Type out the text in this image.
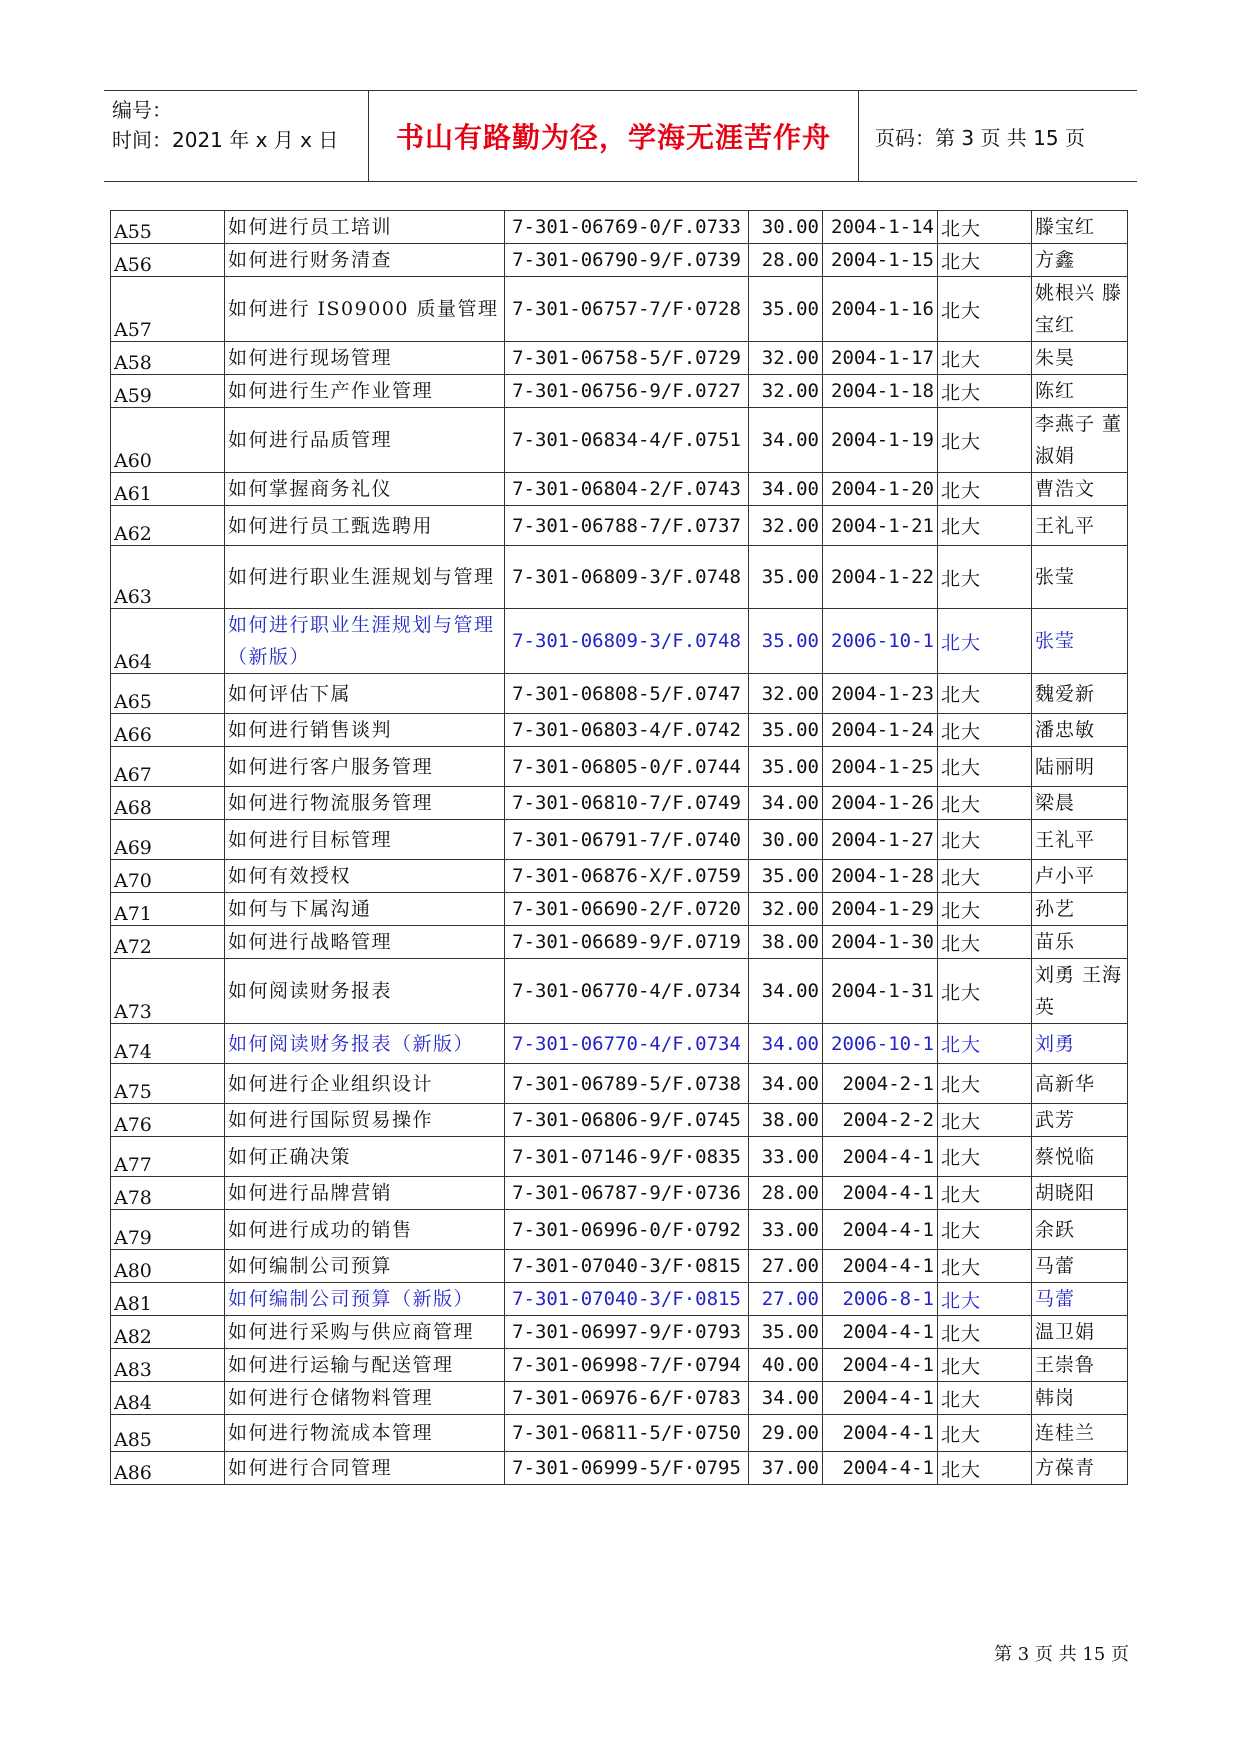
编号：
时间：2021 年 x 月 x 日	书山有路勤为径，学海无涯苦作舟 页码：第 3 页 共 15 页
A55	如何进行员工培训	7-301-06769-0/F.0733	30.00	2004-1-14	北大	滕宝红
A56	如何进行财务清查	7-301-06790-9/F.0739	28.00	2004-1-15	北大	方鑫
A57	如何进行 IS09000 质量管理	7-301-06757-7/F·0728	35.00	2004-1-16	北大	姚根兴 滕宝红
A58	如何进行现场管理	7-301-06758-5/F.0729	32.00	2004-1-17	北大	朱昊
A59	如何进行生产作业管理	7-301-06756-9/F.0727	32.00	2004-1-18	北大	陈红
A60	如何进行品质管理	7-301-06834-4/F.0751	34.00	2004-1-19	北大	李燕子 董淑娟
A61	如何掌握商务礼仪	7-301-06804-2/F.0743	34.00	2004-1-20	北大	曹浩文
A62	如何进行员工甄选聘用	7-301-06788-7/F.0737	32.00	2004-1-21	北大	王礼平
A63	如何进行职业生涯规划与管理	7-301-06809-3/F.0748	35.00	2004-1-22	北大	张莹
A64	如何进行职业生涯规划与管理（新版）	7-301-06809-3/F.0748	35.00	2006-10-1	北大	张莹
A65	如何评估下属	7-301-06808-5/F.0747	32.00	2004-1-23	北大	魏爱新
A66	如何进行销售谈判	7-301-06803-4/F.0742	35.00	2004-1-24	北大	潘忠敏
A67	如何进行客户服务管理	7-301-06805-0/F.0744	35.00	2004-1-25	北大	陆丽明
A68	如何进行物流服务管理	7-301-06810-7/F.0749	34.00	2004-1-26	北大	梁晨
A69	如何进行目标管理	7-301-06791-7/F.0740	30.00	2004-1-27	北大	王礼平
A70	如何有效授权	7-301-06876-X/F.0759	35.00	2004-1-28	北大	卢小平
A71	如何与下属沟通	7-301-06690-2/F.0720	32.00	2004-1-29	北大	孙艺
A72	如何进行战略管理	7-301-06689-9/F.0719	38.00	2004-1-30	北大	苗乐
A73	如何阅读财务报表	7-301-06770-4/F.0734	34.00	2004-1-31	北大	刘勇 王海英
A74	如何阅读财务报表（新版）	7-301-06770-4/F.0734	34.00	2006-10-1	北大	刘勇
A75	如何进行企业组织设计	7-301-06789-5/F.0738	34.00	2004-2-1	北大	高新华
A76	如何进行国际贸易操作	7-301-06806-9/F.0745	38.00	2004-2-2	北大	武芳
A77	如何正确决策	7-301-07146-9/F·0835	33.00	2004-4-1	北大	蔡悦临
A78	如何进行品牌营销	7-301-06787-9/F·0736	28.00	2004-4-1	北大	胡晓阳
A79	如何进行成功的销售	7-301-06996-0/F·0792	33.00	2004-4-1	北大	余跃
A80	如何编制公司预算	7-301-07040-3/F·0815	27.00	2004-4-1	北大	马蕾
A81	如何编制公司预算（新版）	7-301-07040-3/F·0815	27.00	2006-8-1	北大	马蕾
A82	如何进行采购与供应商管理	7-301-06997-9/F·0793	35.00	2004-4-1	北大	温卫娟
A83	如何进行运输与配送管理	7-301-06998-7/F·0794	40.00	2004-4-1	北大	王崇鲁
A84	如何进行仓储物料管理	7-301-06976-6/F·0783	34.00	2004-4-1	北大	韩岗
A85	如何进行物流成本管理	7-301-06811-5/F·0750	29.00	2004-4-1	北大	连桂兰
A86	如何进行合同管理	7-301-06999-5/F·0795	37.00	2004-4-1	北大	方葆青
第 3 页 共 15 页
